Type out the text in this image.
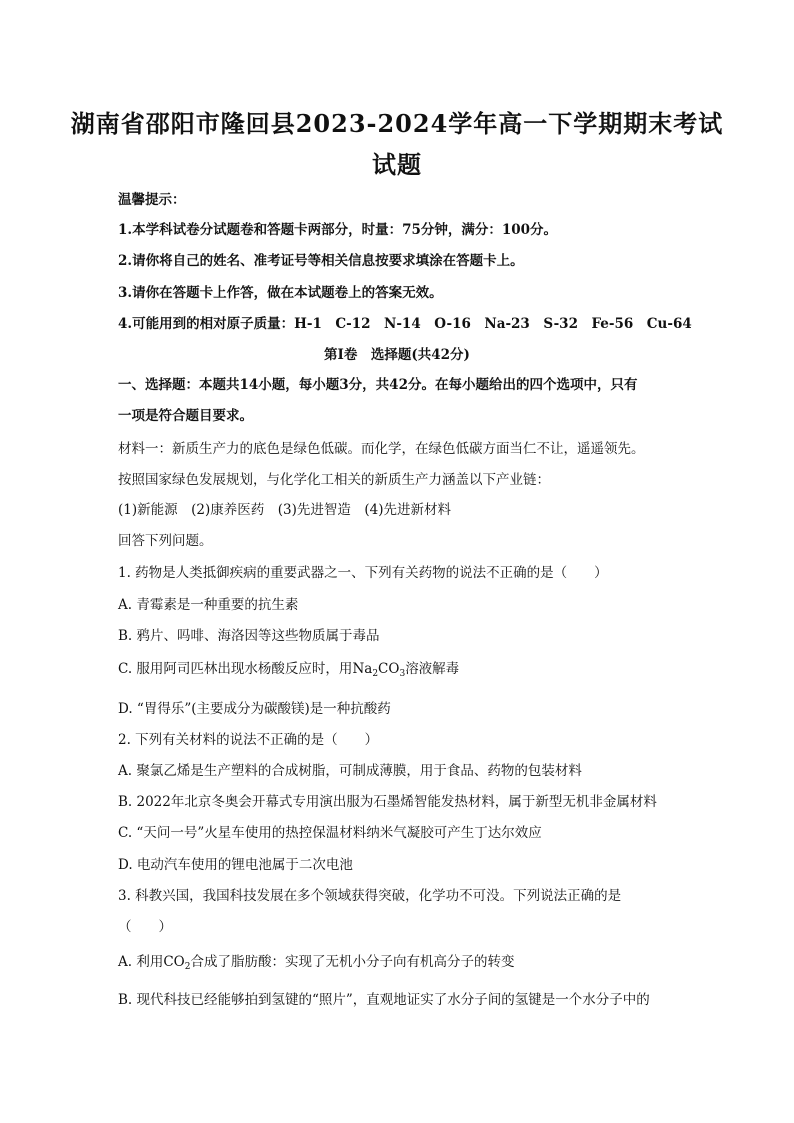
湖南省邵阳市隆回县2023-2024学年高一下学期期末考试
试题
温馨提示：
1.本学科试卷分试题卷和答题卡两部分，时量：75分钟，满分：100分。
2.请你将自己的姓名、准考证号等相关信息按要求填涂在答题卡上。
3.请你在答题卡上作答，做在本试题卷上的答案无效。
4.可能用到的相对原子质量：H-1　C-12　N-14　O-16　Na-23　S-32　Fe-56　Cu-64
第Ⅰ卷　选择题(共42分)
一、选择题：本题共14小题，每小题3分，共42分。在每小题给出的四个选项中，只有
一项是符合题目要求。
材料一：新质生产力的底色是绿色低碳。而化学，在绿色低碳方面当仁不让，遥遥领先。
按照国家绿色发展规划，与化学化工相关的新质生产力涵盖以下产业链：
(1)新能源　(2)康养医药　(3)先进智造　(4)先进新材料
回答下列问题。
1. 药物是人类抵御疾病的重要武器之一、下列有关药物的说法不正确的是（　　）
A. 青霉素是一种重要的抗生素
B. 鸦片、吗啡、海洛因等这些物质属于毒品
C. 服用阿司匹林出现水杨酸反应时，用$Na_2CO_3$溶液解毒
D. “胃得乐”(主要成分为碳酸镁)是一种抗酸药
2. 下列有关材料的说法不正确的是（　　）
A. 聚氯乙烯是生产塑料的合成树脂，可制成薄膜，用于食品、药物的包装材料
B. 2022年北京冬奥会开幕式专用演出服为石墨烯智能发热材料，属于新型无机非金属材料
C. “天问一号”火星车使用的热控保温材料纳米气凝胶可产生丁达尔效应
D. 电动汽车使用的锂电池属于二次电池
3. 科教兴国，我国科技发展在多个领域获得突破，化学功不可没。下列说法正确的是
（　　）
A. 利用$CO_2$合成了脂肪酸：实现了无机小分子向有机高分子的转变
B. 现代科技已经能够拍到氢键的“照片”，直观地证实了水分子间的氢键是一个水分子中的
